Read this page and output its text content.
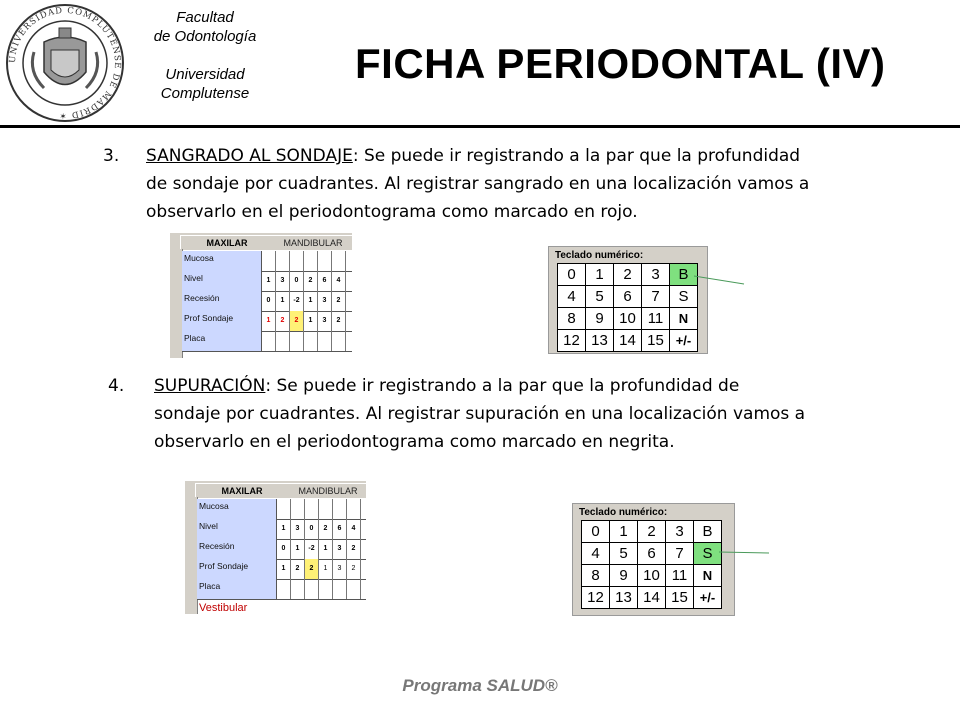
UNIVERSIDAD COMPLUTENSE DE MADRID ✶
Facultad
de Odontología
Universidad
Complutense
FICHA PERIODONTAL (IV)
3. SANGRADO AL SONDAJE: Se puede ir registrando a la par que la profundidad
de sondaje por cuadrantes. Al registrar sangrado en una localización vamos a
observarlo en el periodontograma como marcado en rojo.
MAXILAR	MANDIBULAR
Mucosa
Nivel	1	3	0	2	6	4
Recesión	0	1	-2	1	3	2
Prof Sondaje	1	2	2	1	3	2
Placa
Teclado numérico:
0	1	2	3	B
4	5	6	7	S
8	9	10 11	N
12 13 14 15 +/-
4. SUPURACIÓN: Se puede ir registrando a la par que la profundidad de
sondaje por cuadrantes. Al registrar supuración en una localización vamos a
observarlo en el periodontograma como marcado en negrita.
MAXILAR	MANDIBULAR
Mucosa
Nivel	1	3	0	2	6	4
Recesión	0	1	-2	1	3	2
Prof Sondaje	1	2	2	1	3	2
Placa
Vestibular
Teclado numérico:
0	1	2	3	B
4	5	6	7	S
8	9	10 11	N
12 13 14 15 +/-
Programa SALUD®
